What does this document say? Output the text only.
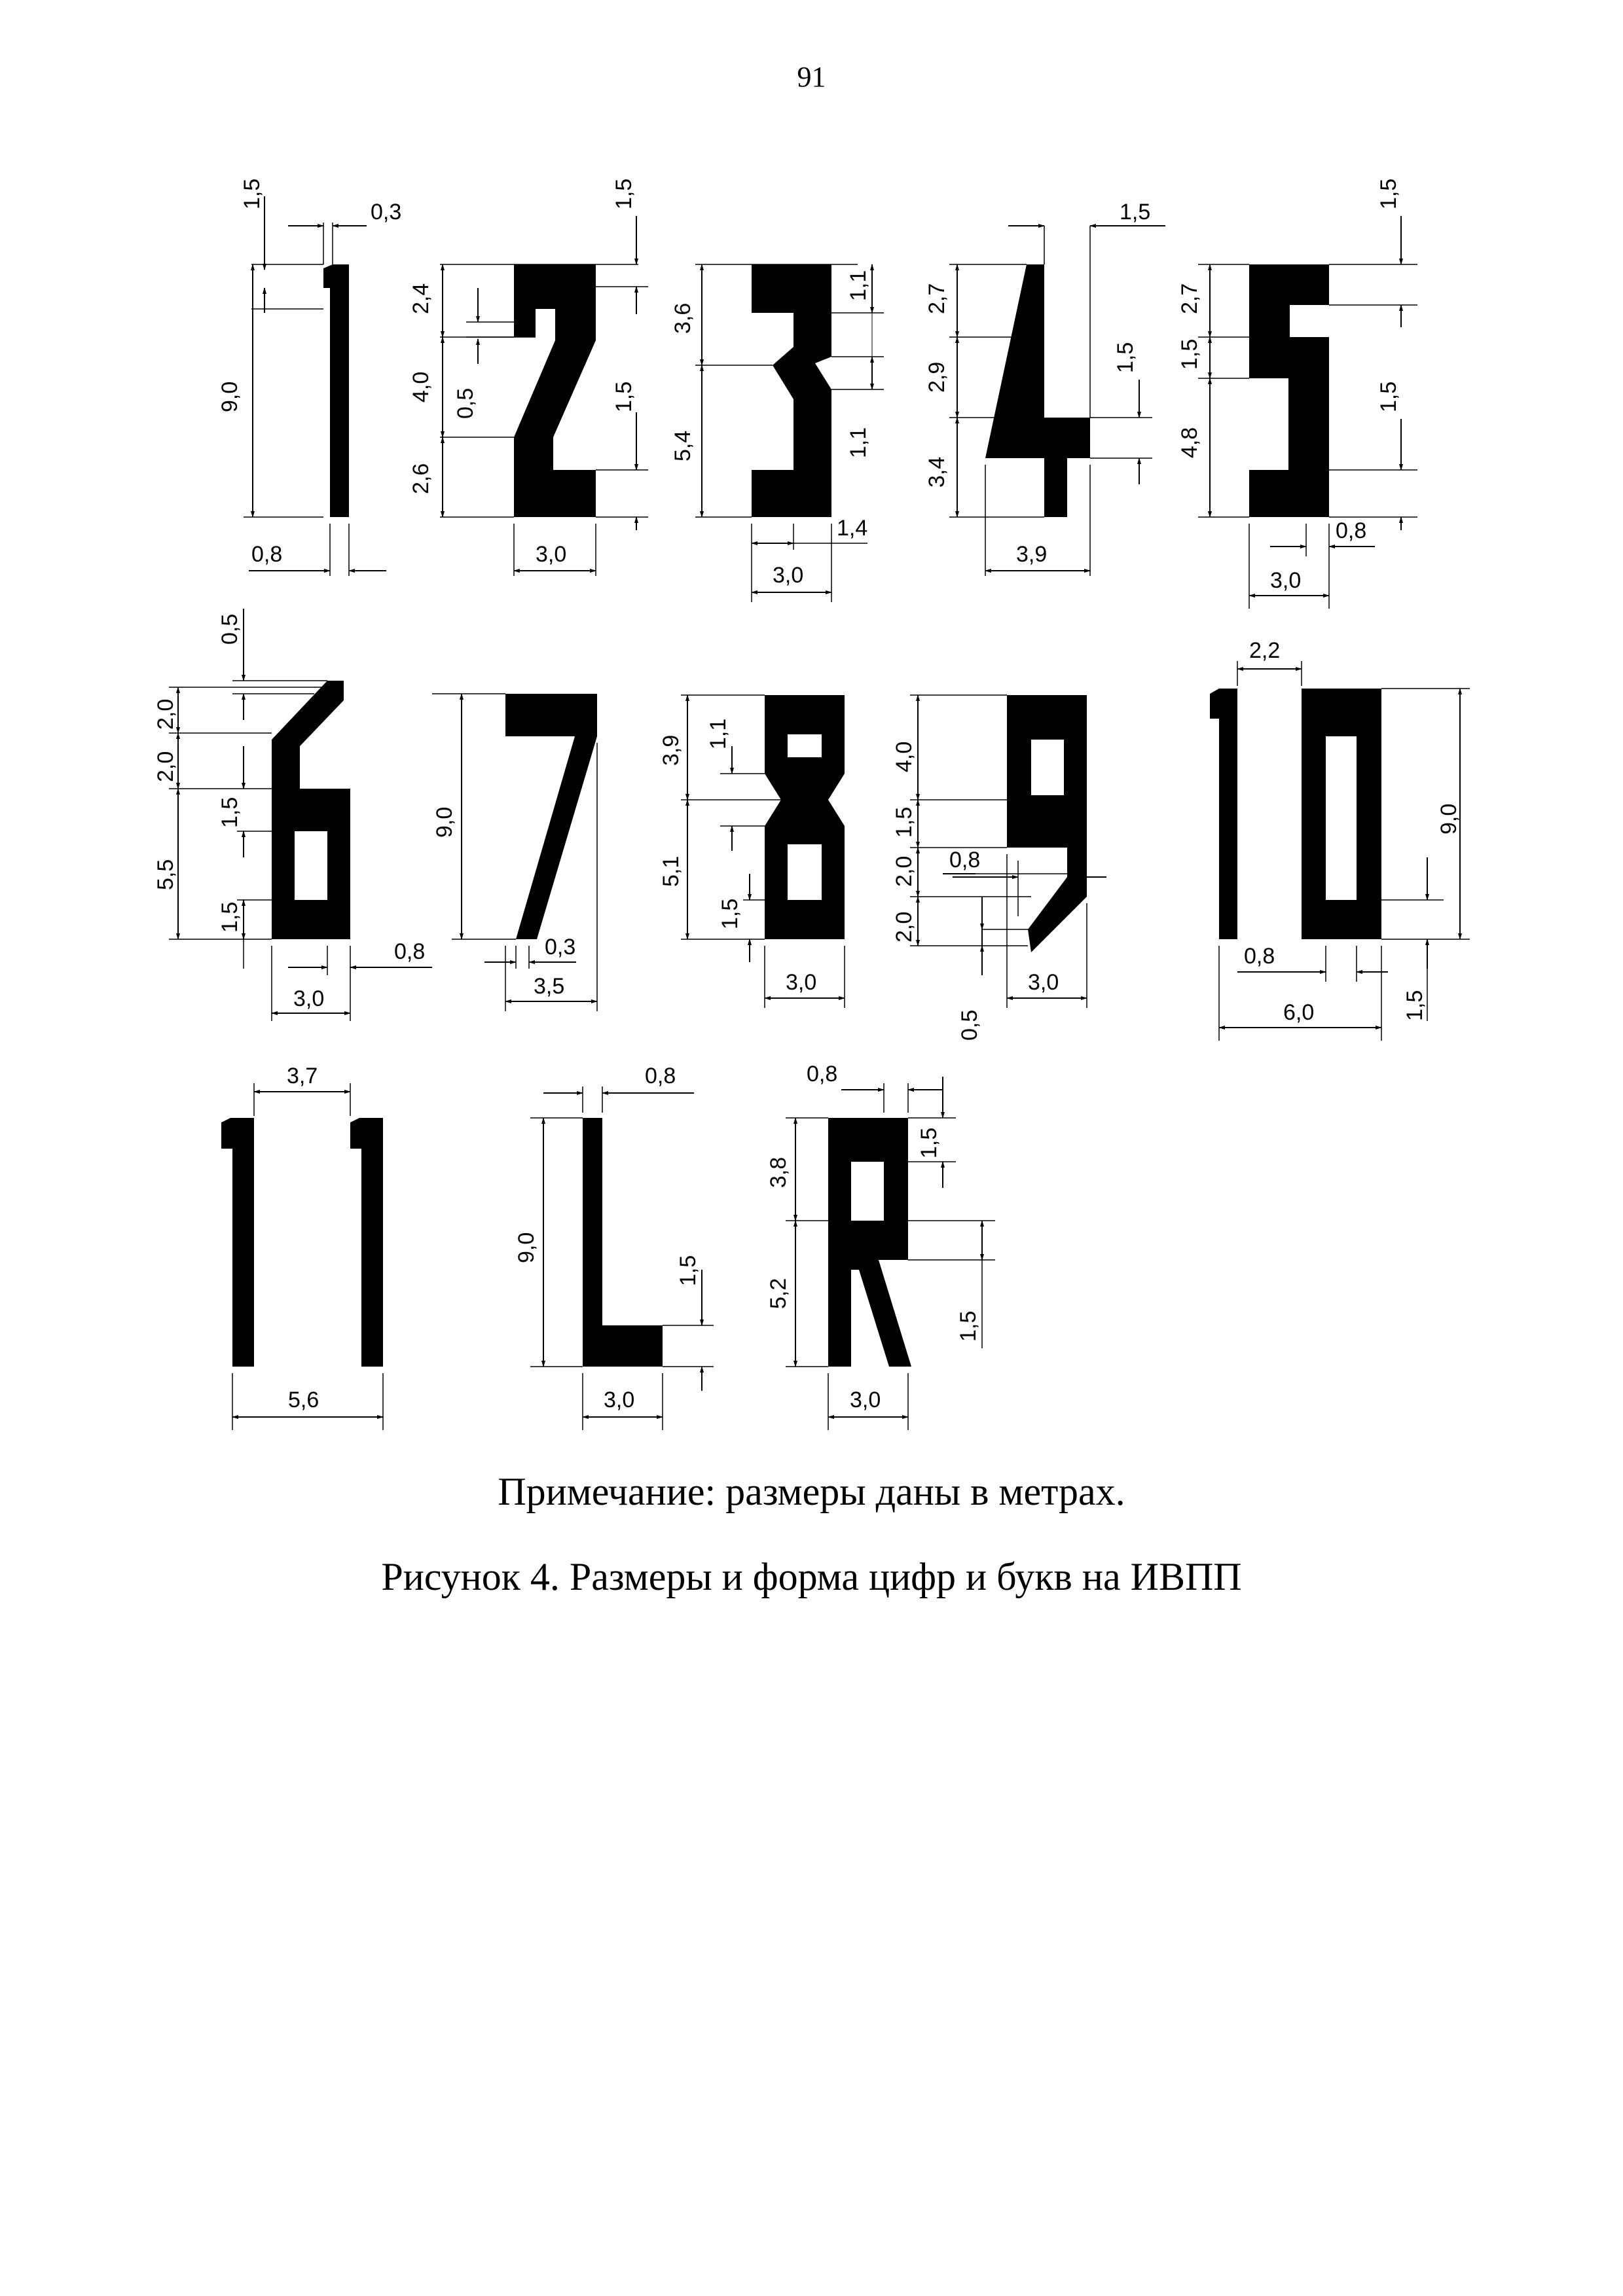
91
1,5
0,3
9,0
0,8
1,5
2,4
4,0
0,5	1,5
2,6
3,0
3,6
1,1
5,4	1,1
1,4
3,0
1,5
2,7
2,9
1,5
3,4
3,9
1,5
2,7
1,5
1,5
4,8
0,8
3,0
0,5
2,0
2,0
1,5
5,5
1,5
0,8
3,0
9,0
0,3
3,5
3,9
1,1
5,1
1,5
3,0
4,0
1,5
2,0 0,8
2,0
0,5
3,0
2,2
9,0
0,8
6,0	1,5
3,7
5,6
0,8
9,0
1,5
3,0
0,8
1,5
3,8
5,2
1,5
3,0
Примечание: размеры даны в метрах.
Рисунок 4. Размеры и форма цифр и букв на ИВПП
